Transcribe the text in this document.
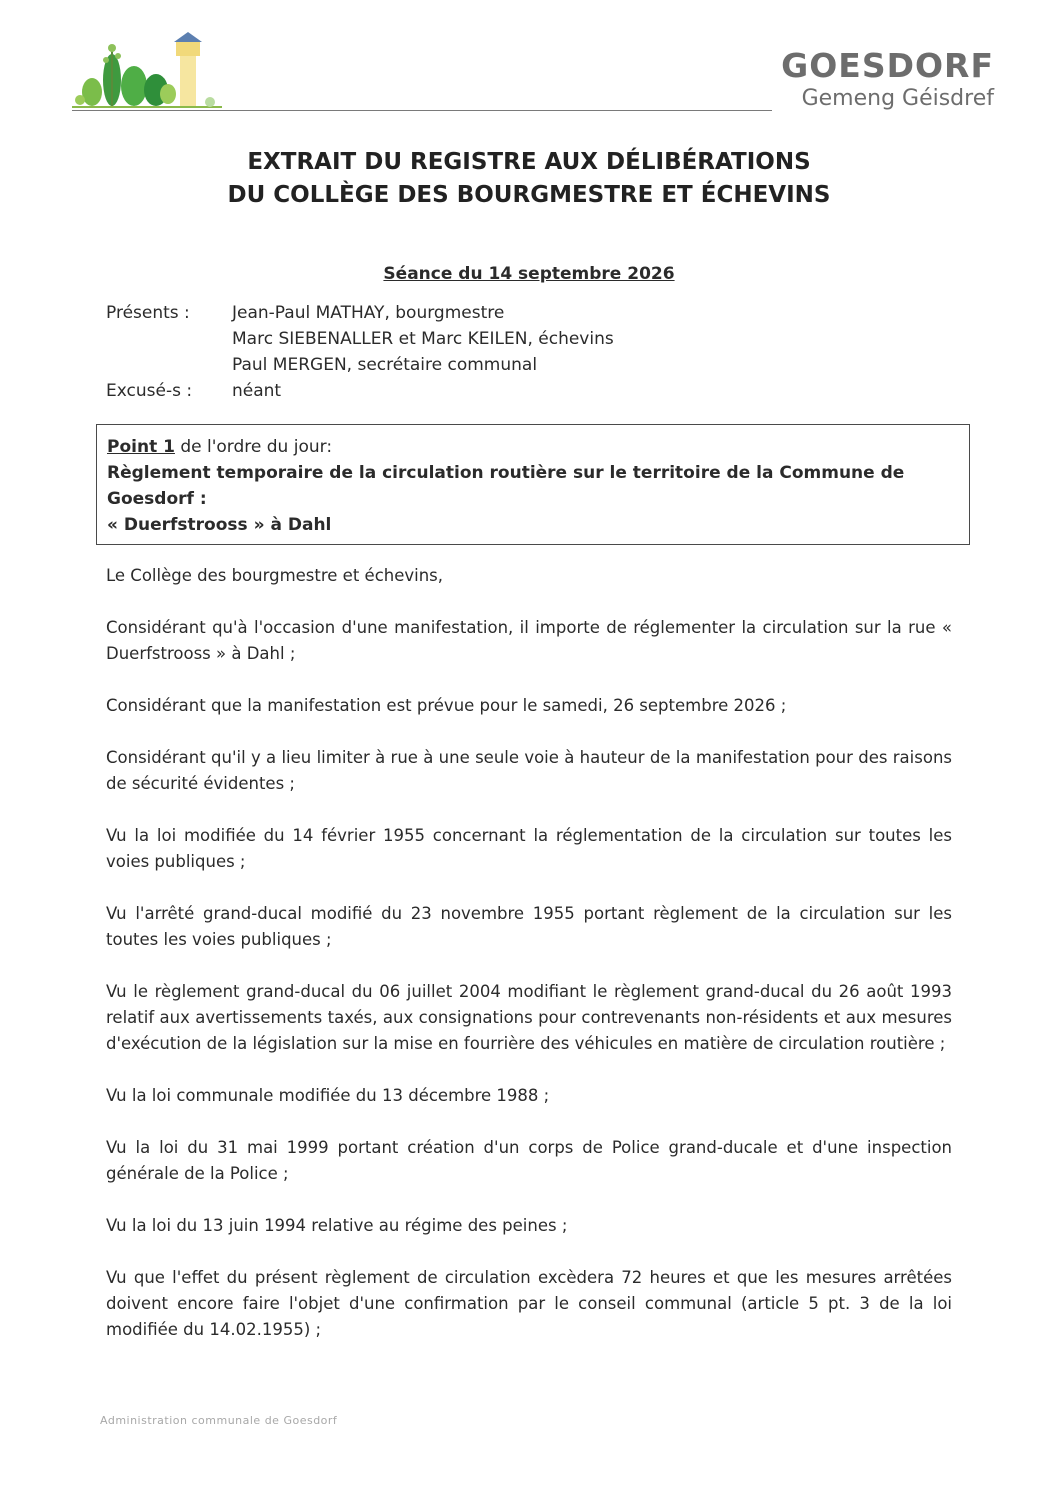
GOESDORF
Gemeng Géisdref
EXTRAIT DU REGISTRE AUX DÉLIBÉRATIONS
DU COLLÈGE DES BOURGMESTRE ET ÉCHEVINS
Séance du 14 septembre 2026
Présents :	Jean-Paul MATHAY, bourgmestre
Marc SIEBENALLER et Marc KEILEN, échevins
Paul MERGEN, secrétaire communal
Excusé-s :	néant
Point 1 de l'ordre du jour:
Règlement temporaire de la circulation routière sur le territoire de la Commune de Goesdorf :
« Duerfstrooss » à Dahl

Le Collège des bourgmestre et échevins,

Considérant qu'à l'occasion d'une manifestation, il importe de réglementer la circulation sur la rue « Duerfstrooss » à Dahl ;

Considérant que la manifestation est prévue pour le samedi, 26 septembre 2026 ;

Considérant qu'il y a lieu limiter à rue à une seule voie à hauteur de la manifestation pour des raisons de sécurité évidentes ;

Vu la loi modifiée du 14 février 1955 concernant la réglementation de la circulation sur toutes les voies publiques ;

Vu l'arrêté grand-ducal modifié du 23 novembre 1955 portant règlement de la circulation sur les toutes les voies publiques ;

Vu le règlement grand-ducal du 06 juillet 2004 modifiant le règlement grand-ducal du 26 août 1993 relatif aux avertissements taxés, aux consignations pour contrevenants non-résidents et aux mesures d'exécution de la législation sur la mise en fourrière des véhicules en matière de circulation routière ;

Vu la loi communale modifiée du 13 décembre 1988 ;

Vu la loi du 31 mai 1999 portant création d'un corps de Police grand-ducale et d'une inspection générale de la Police ;

Vu la loi du 13 juin 1994 relative au régime des peines ;

Vu que l'effet du présent règlement de circulation excèdera 72 heures et que les mesures arrêtées doivent encore faire l'objet d'une confirmation par le conseil communal (article 5 pt. 3 de la loi modifiée du 14.02.1955) ;

Administration communale de Goesdorf
